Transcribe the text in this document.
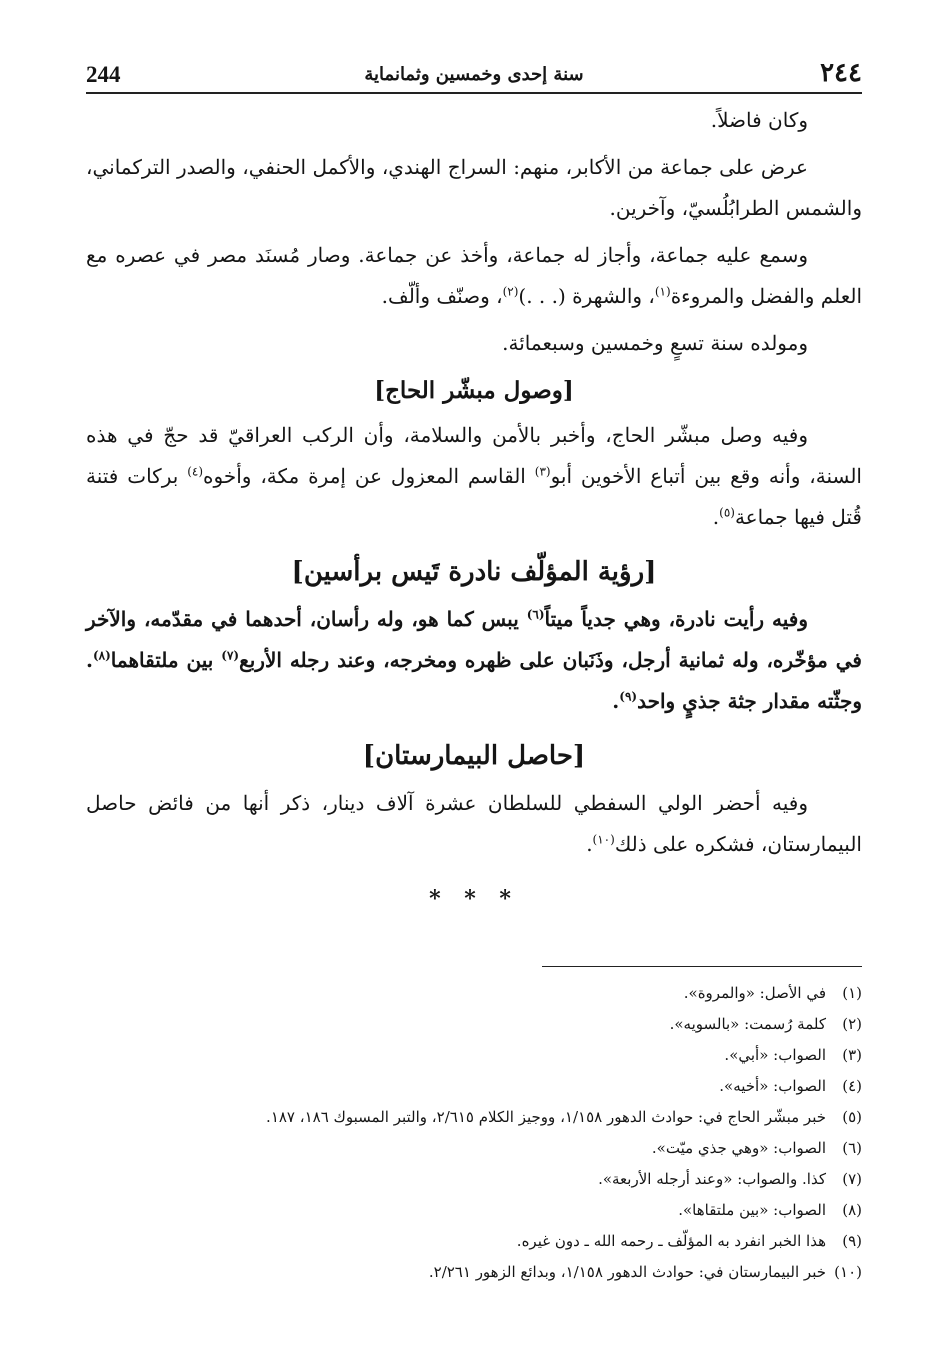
244	سنة إحدى وخمسين وثمانماية	٢٤٤

وكان فاضلاً.

عرض على جماعة من الأكابر، منهم: السراج الهندي، والأكمل الحنفي، والصدر التركماني، والشمس الطرابُلُسيّ، وآخرين.

وسمع عليه جماعة، وأجاز له جماعة، وأخذ عن جماعة. وصار مُسنَد مصر في عصره مع العلم والفضل والمروءة$^{(١)}$، والشهرة (. . .)$^{(٢)}$، وصنّف وألّف.

ومولده سنة تسعٍ وخمسين وسبعمائة.

[وصول مبشّر الحاج]

وفيه وصل مبشّر الحاج، وأخبر بالأمن والسلامة، وأن الركب العراقيّ قد حجّ في هذه السنة، وأنه وقع بين أتباع الأخوين أبو$^{(٣)}$ القاسم المعزول عن إمرة مكة، وأخوه$^{(٤)}$ بركات فتنة قُتل فيها جماعة$^{(٥)}$.

[رؤية المؤلّف نادرة تَيس برأسين]

وفيه رأيت نادرة، وهي جدياً ميتاً$^{(٦)}$ يبس كما هو، وله رأسان، أحدهما في مقدّمه، والآخر في مؤخّره، وله ثمانية أرجل، وذَنَبان على ظهره ومخرجه، وعند رجله الأربع$^{(٧)}$ بين ملتقاهما$^{(٨)}$. وجثّته مقدار جثة جذيٍ واحد$^{(٩)}$.

[حاصل البيمارستان]

وفيه أحضر الولي السفطي للسلطان عشرة آلاف دينار، ذكر أنها من فائض حاصل البيمارستان، فشكره على ذلك$^{(١٠)}$.

* * *
(١)
في الأصل: «والمروة».
(٢)
كلمة رُسمت: «بالسويه».
(٣)
الصواب: «أبي».
(٤)
الصواب: «أخيه».
(٥)
خبر مبشّر الحاج في: حوادث الدهور ١/١٥٨، ووجيز الكلام ٢/٦١٥، والتبر المسبوك ١٨٦، ١٨٧.
(٦)
الصواب: «وهي جذي ميّت».
(٧)
كذا. والصواب: «وعند أرجله الأربعة».
(٨)
الصواب: «بين ملتقاها».
(٩)
هذا الخبر انفرد به المؤلّف ـ رحمه الله ـ دون غيره.
(١٠)
خبر البيمارستان في: حوادث الدهور ١/١٥٨، وبدائع الزهور ٢/٢٦١.
